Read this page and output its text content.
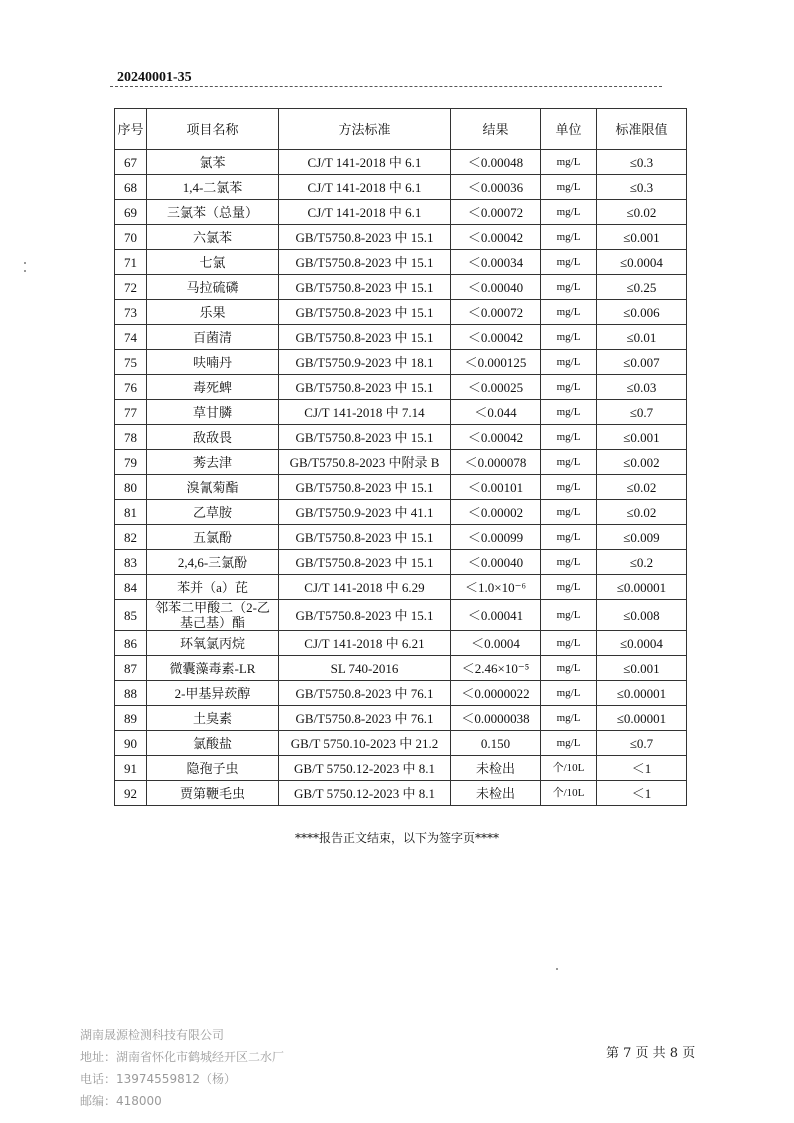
20240001-35
序号	项目名称	方法标准	结果	单位	标准限值
67	氯苯	CJ/T 141-2018 中 6.1	＜0.00048	mg/L	≤0.3
68	1,4-二氯苯	CJ/T 141-2018 中 6.1	＜0.00036	mg/L	≤0.3
69	三氯苯（总量）	CJ/T 141-2018 中 6.1	＜0.00072	mg/L	≤0.02
70	六氯苯	GB/T5750.8-2023 中 15.1	＜0.00042	mg/L	≤0.001
71	七氯	GB/T5750.8-2023 中 15.1	＜0.00034	mg/L	≤0.0004
72	马拉硫磷	GB/T5750.8-2023 中 15.1	＜0.00040	mg/L	≤0.25
73	乐果	GB/T5750.8-2023 中 15.1	＜0.00072	mg/L	≤0.006
74	百菌清	GB/T5750.8-2023 中 15.1	＜0.00042	mg/L	≤0.01
75	呋喃丹	GB/T5750.9-2023 中 18.1	＜0.000125	mg/L	≤0.007
76	毒死蜱	GB/T5750.8-2023 中 15.1	＜0.00025	mg/L	≤0.03
77	草甘膦	CJ/T 141-2018 中 7.14	＜0.044	mg/L	≤0.7
78	敌敌畏	GB/T5750.8-2023 中 15.1	＜0.00042	mg/L	≤0.001
79	莠去津	GB/T5750.8-2023 中附录 B	＜0.000078	mg/L	≤0.002
80	溴氰菊酯	GB/T5750.8-2023 中 15.1	＜0.00101	mg/L	≤0.02
81	乙草胺	GB/T5750.9-2023 中 41.1	＜0.00002	mg/L	≤0.02
82	五氯酚	GB/T5750.8-2023 中 15.1	＜0.00099	mg/L	≤0.009
83	2,4,6-三氯酚	GB/T5750.8-2023 中 15.1	＜0.00040	mg/L	≤0.2
84	苯并（a）芘	CJ/T 141-2018 中 6.29	＜1.0×10⁻⁶	mg/L	≤0.00001
85	邻苯二甲酸二（2-乙基己基）酯	GB/T5750.8-2023 中 15.1	＜0.00041	mg/L	≤0.008
86	环氧氯丙烷	CJ/T 141-2018 中 6.21	＜0.0004	mg/L	≤0.0004
87	微囊藻毒素-LR	SL 740-2016	＜2.46×10⁻⁵	mg/L	≤0.001
88	2-甲基异莰醇	GB/T5750.8-2023 中 76.1	＜0.0000022	mg/L	≤0.00001
89	土臭素	GB/T5750.8-2023 中 76.1	＜0.0000038	mg/L	≤0.00001
90	氯酸盐	GB/T 5750.10-2023 中 21.2	0.150	mg/L	≤0.7
91	隐孢子虫	GB/T 5750.12-2023 中 8.1	未检出	个/10L	＜1
92	贾第鞭毛虫	GB/T 5750.12-2023 中 8.1	未检出	个/10L	＜1
****报告正文结束，以下为签字页****
湖南晟源检测科技有限公司
地址：湖南省怀化市鹤城经开区二水厂
电话：13974559812（杨）
邮编：418000
第 7 页 共 8 页
